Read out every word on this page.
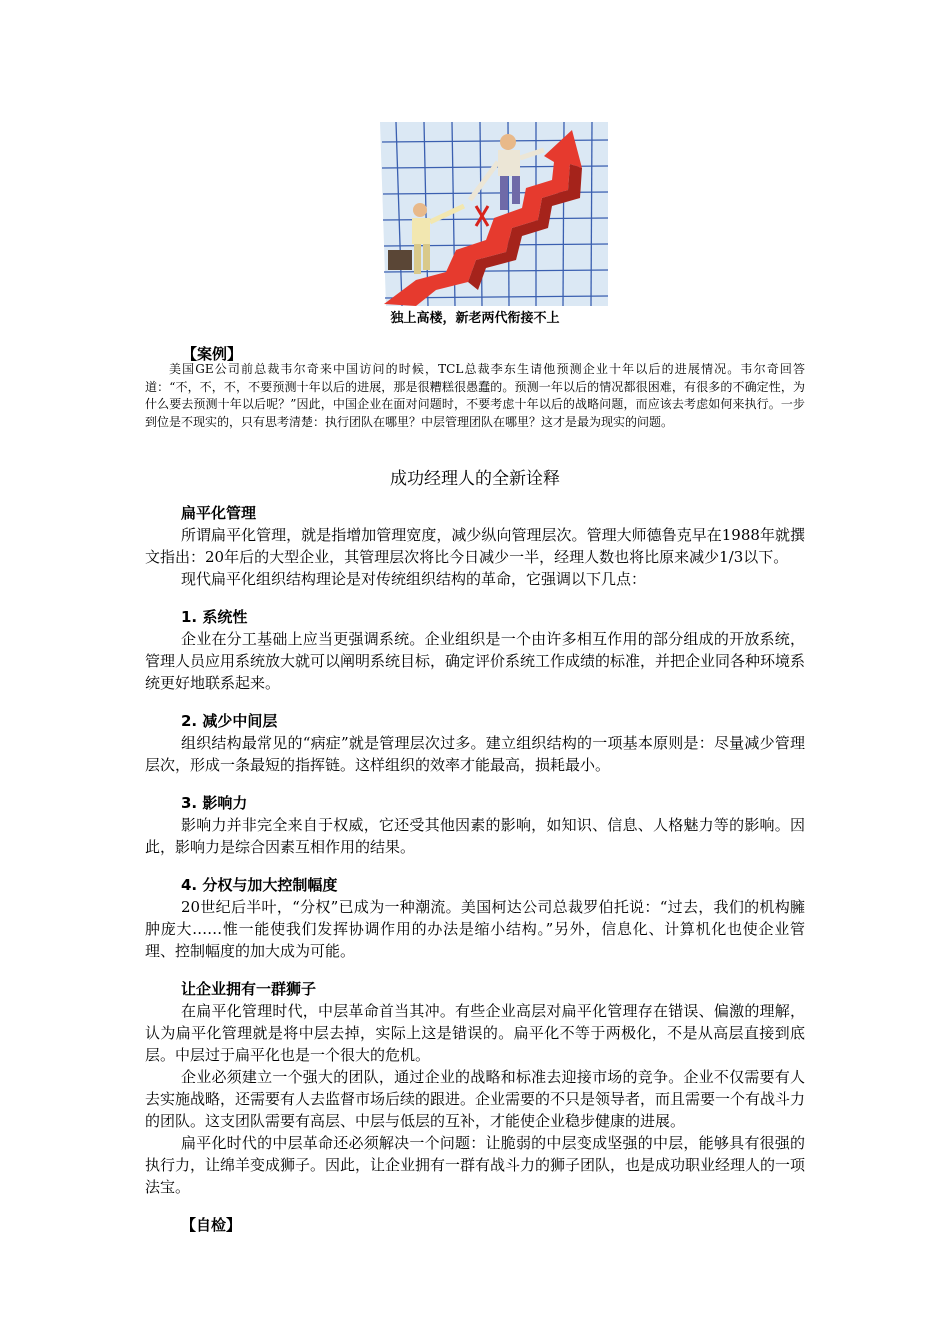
独上高楼，新老两代衔接不上
【案例】
美国GE公司前总裁韦尔奇来中国访问的时候，TCL总裁李东生请他预测企业十年以后的进展情况。韦尔奇回答道：“不，不，不，不要预测十年以后的进展，那是很糟糕很愚蠢的。预测一年以后的情况都很困难，有很多的不确定性，为什么要去预测十年以后呢？”因此，中国企业在面对问题时，不要考虑十年以后的战略问题，而应该去考虑如何来执行。一步到位是不现实的，只有思考清楚：执行团队在哪里？中层管理团队在哪里？这才是最为现实的问题。
成功经理人的全新诠释
扁平化管理

所谓扁平化管理，就是指增加管理宽度，减少纵向管理层次。管理大师德鲁克早在1988年就撰文指出：20年后的大型企业，其管理层次将比今日减少一半，经理人数也将比原来减少1/3以下。

现代扁平化组织结构理论是对传统组织结构的革命，它强调以下几点：

1. 系统性

企业在分工基础上应当更强调系统。企业组织是一个由许多相互作用的部分组成的开放系统，管理人员应用系统放大就可以阐明系统目标，确定评价系统工作成绩的标准，并把企业同各种环境系统更好地联系起来。

2. 减少中间层

组织结构最常见的“病症”就是管理层次过多。建立组织结构的一项基本原则是：尽量减少管理层次，形成一条最短的指挥链。这样组织的效率才能最高，损耗最小。

3. 影响力

影响力并非完全来自于权威，它还受其他因素的影响，如知识、信息、人格魅力等的影响。因此，影响力是综合因素互相作用的结果。

4. 分权与加大控制幅度

20世纪后半叶，“分权”已成为一种潮流。美国柯达公司总裁罗伯托说：“过去，我们的机构臃肿庞大……惟一能使我们发挥协调作用的办法是缩小结构。”另外，信息化、计算机化也使企业管理、控制幅度的加大成为可能。

让企业拥有一群狮子

在扁平化管理时代，中层革命首当其冲。有些企业高层对扁平化管理存在错误、偏激的理解，认为扁平化管理就是将中层去掉，实际上这是错误的。扁平化不等于两极化，不是从高层直接到底层。中层过于扁平化也是一个很大的危机。

企业必须建立一个强大的团队，通过企业的战略和标准去迎接市场的竞争。企业不仅需要有人去实施战略，还需要有人去监督市场后续的跟进。企业需要的不只是领导者，而且需要一个有战斗力的团队。这支团队需要有高层、中层与低层的互补，才能使企业稳步健康的进展。

扁平化时代的中层革命还必须解决一个问题：让脆弱的中层变成坚强的中层，能够具有很强的执行力，让绵羊变成狮子。因此，让企业拥有一群有战斗力的狮子团队，也是成功职业经理人的一项法宝。

【自检】
